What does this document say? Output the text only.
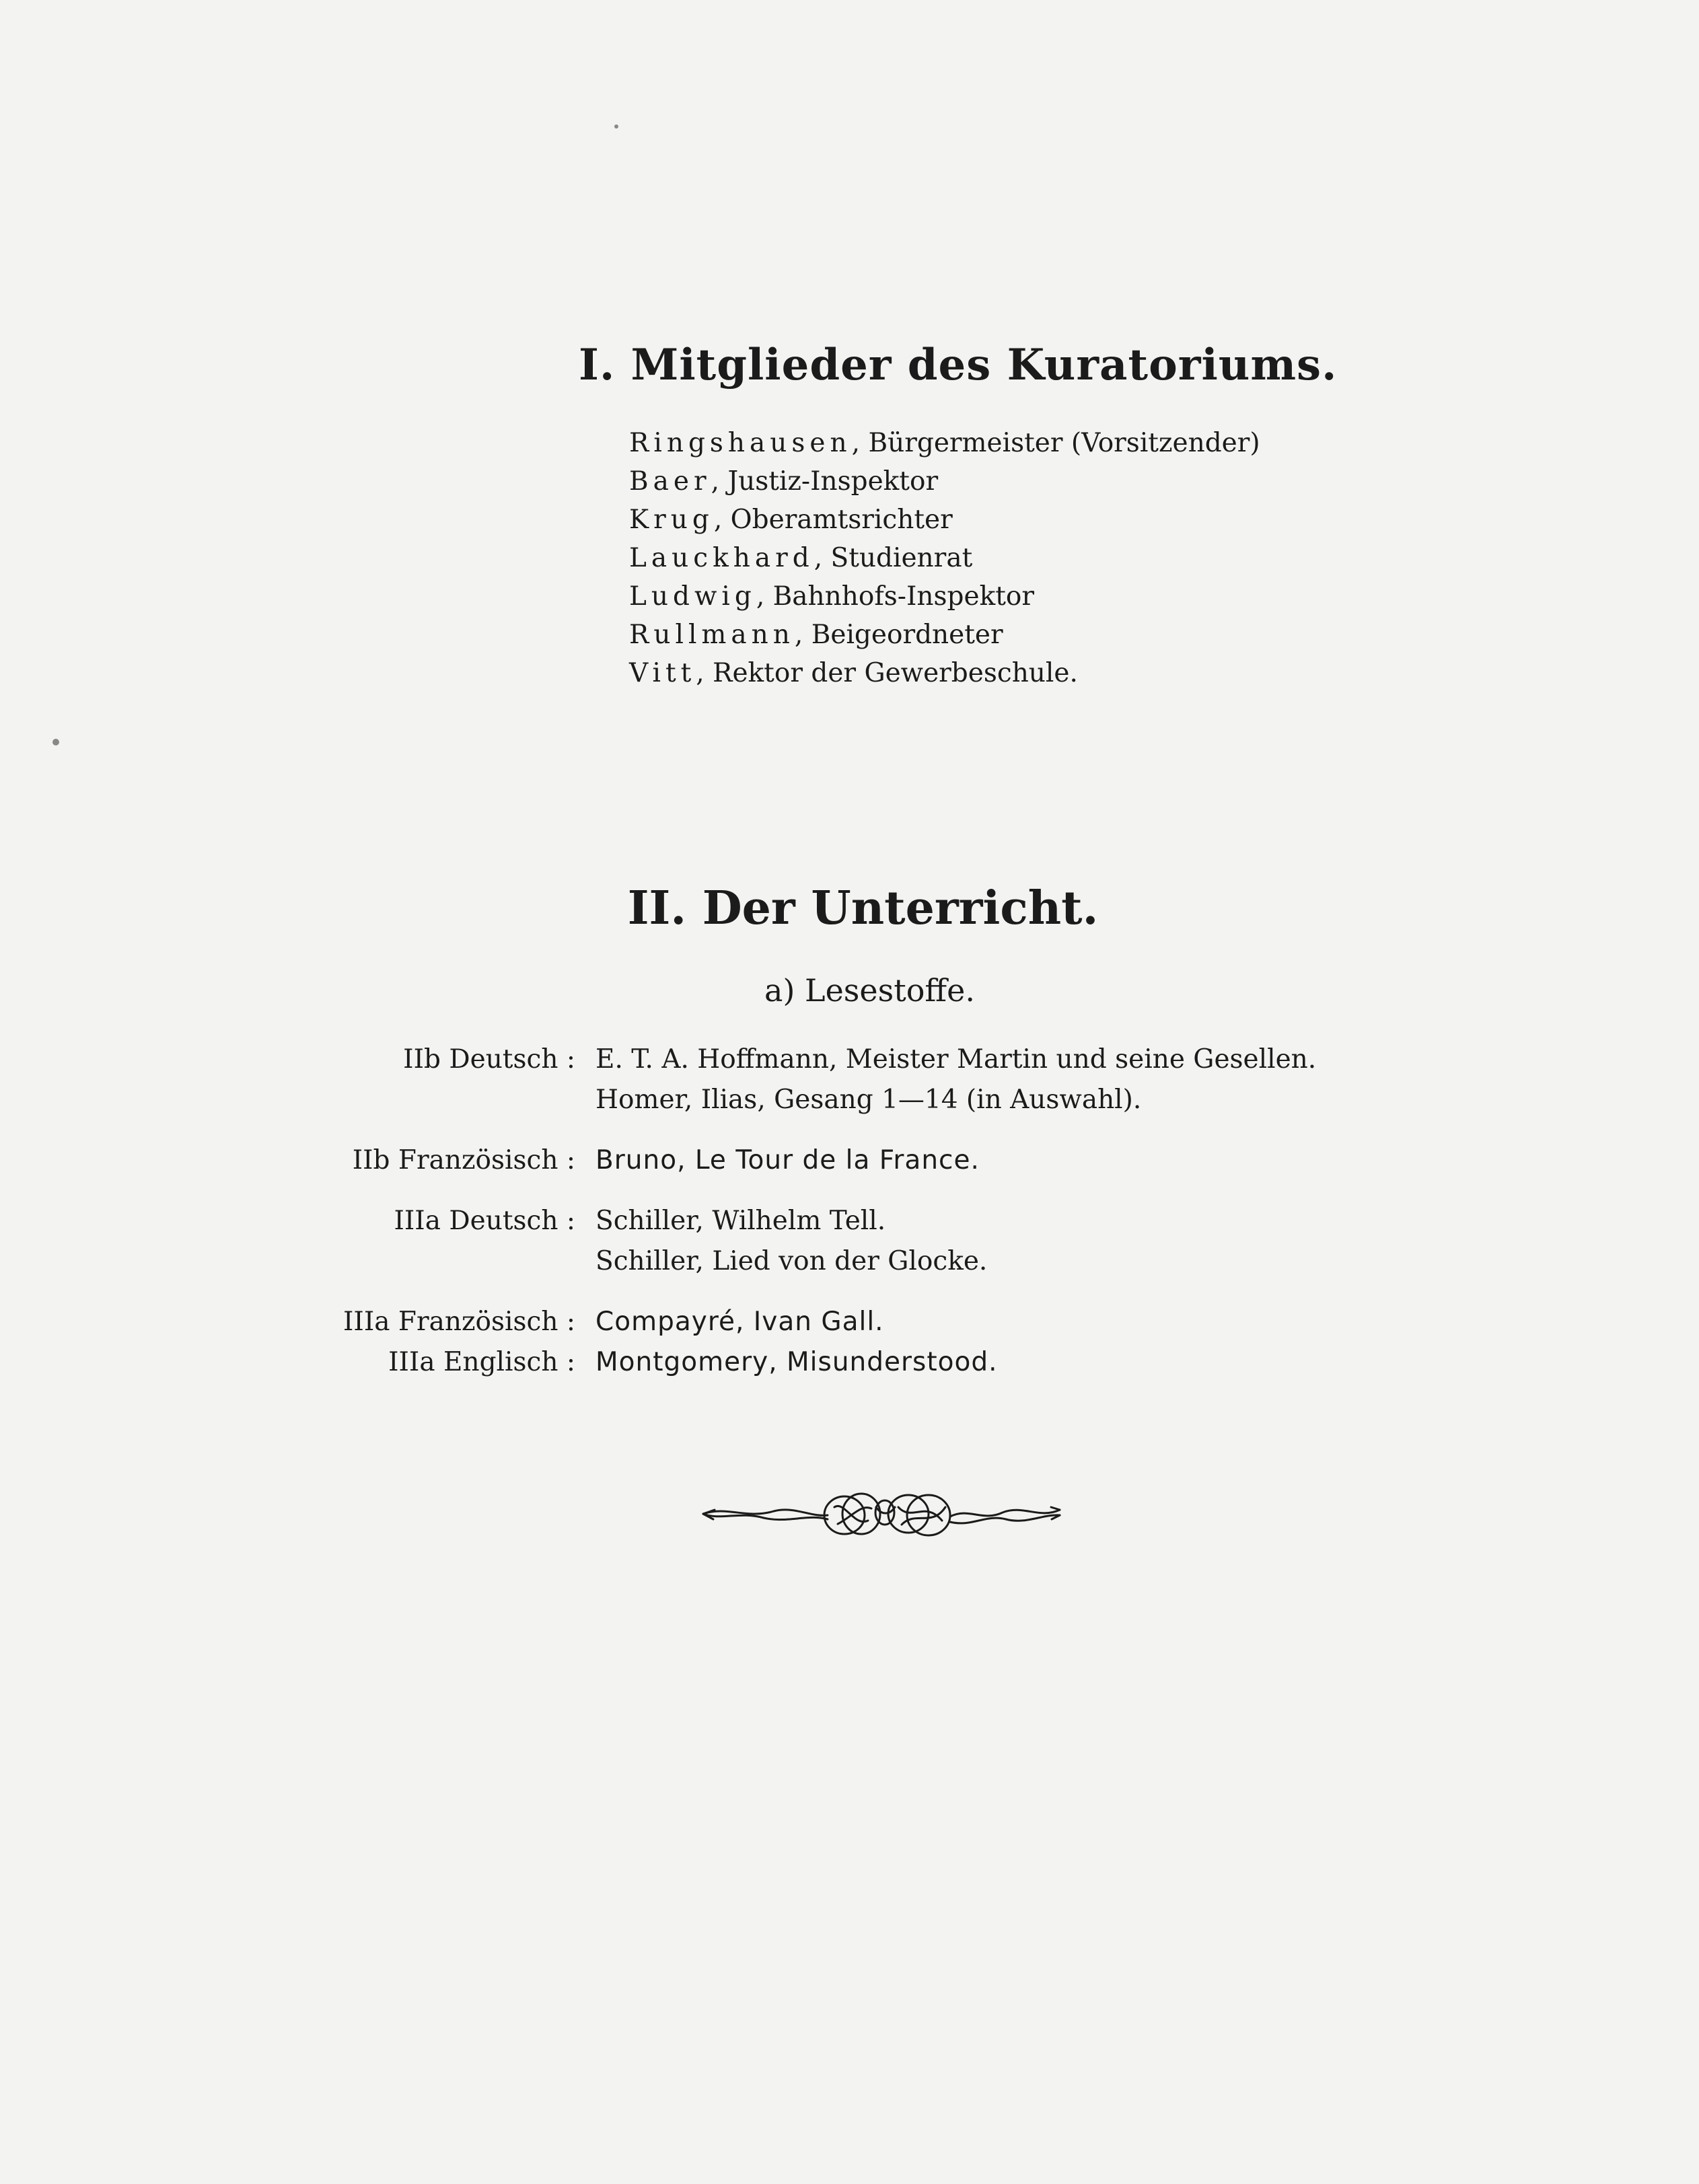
I. Mitglieder des Kuratoriums.
Ringshausen, Bürgermeister (Vorsitzender)
Baer, Justiz-Inspektor
Krug, Oberamtsrichter
Lauckhard, Studienrat
Ludwig, Bahnhofs-Inspektor
Rullmann, Beigeordneter
Vitt, Rektor der Gewerbeschule.
II. Der Unterricht.
a) Lesestoffe.
IIb Deutsch : E. T. A. Hoffmann, Meister Martin und seine Gesellen.
Homer, Ilias, Gesang 1—14 (in Auswahl).
IIb Französisch : Bruno, Le Tour de la France.
IIIa Deutsch : Schiller, Wilhelm Tell.
Schiller, Lied von der Glocke.
IIIa Französisch : Compayré, Ivan Gall.
IIIa Englisch : Montgomery, Misunderstood.
